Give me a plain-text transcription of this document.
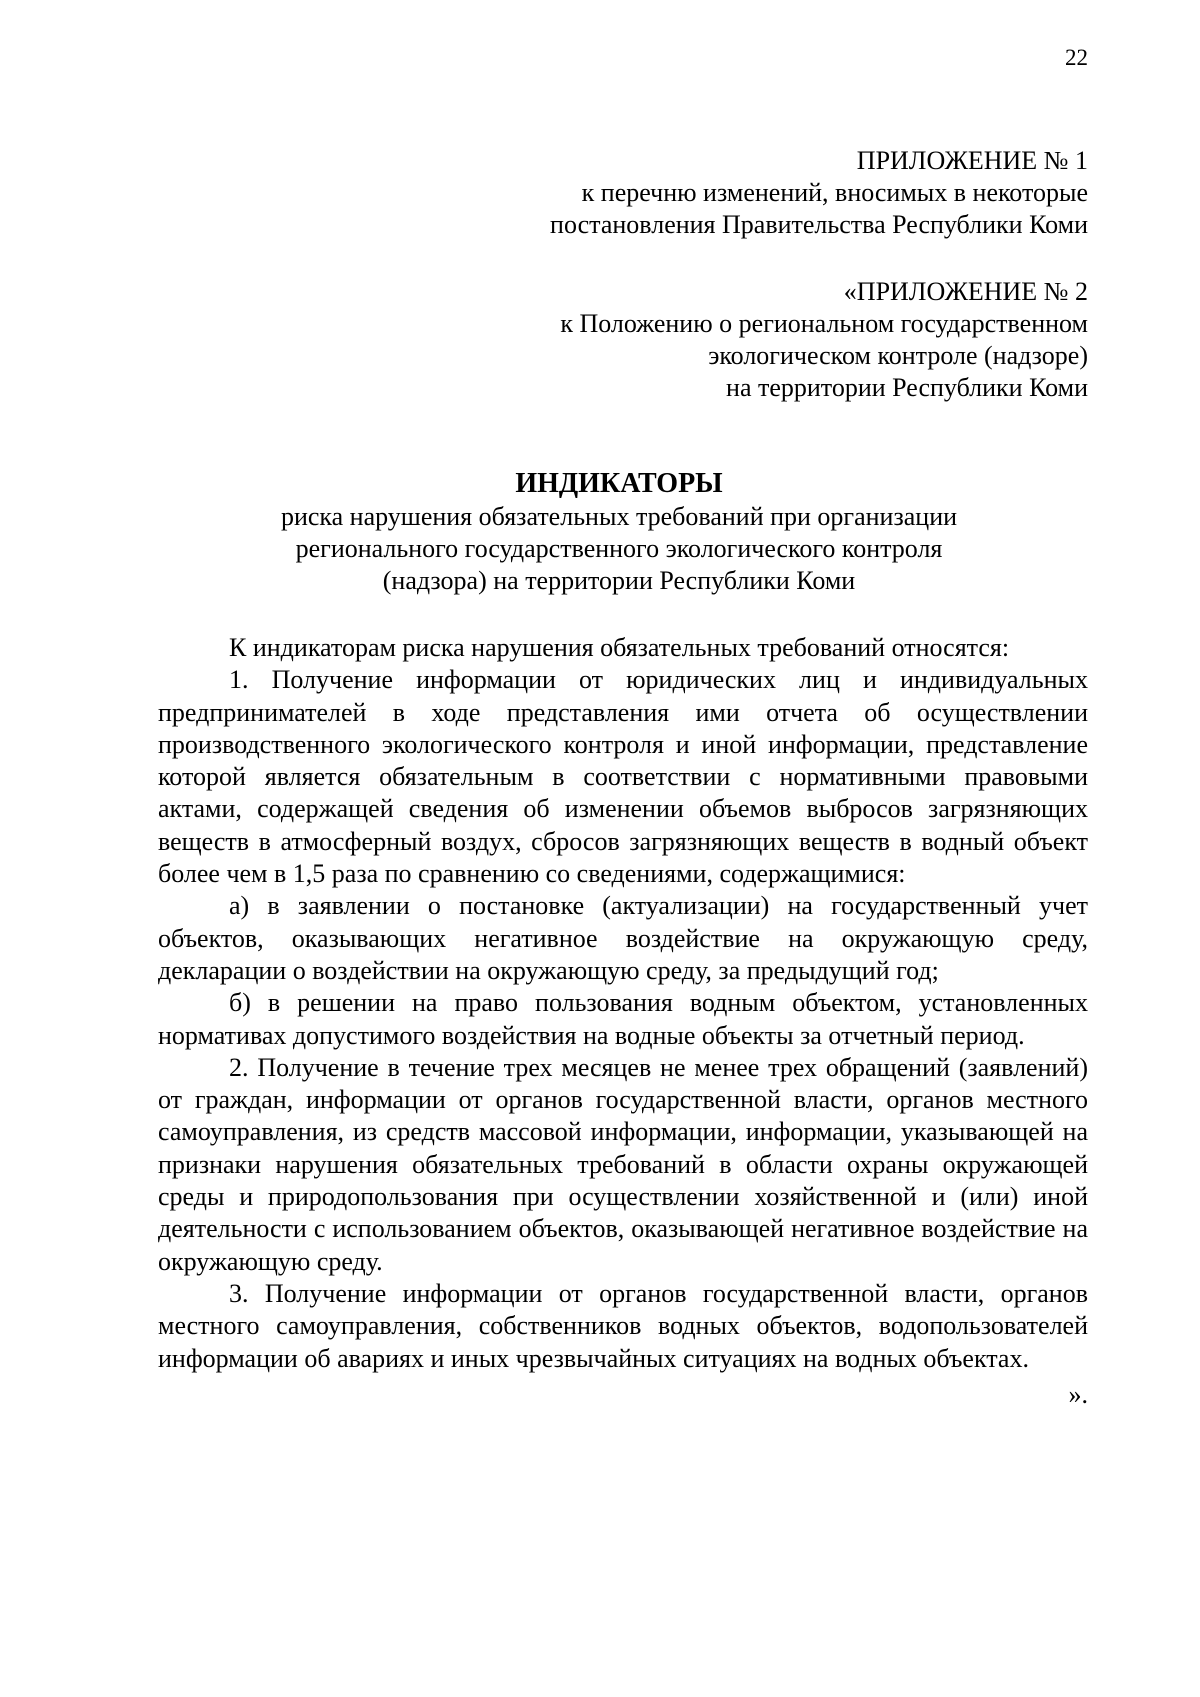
22
ПРИЛОЖЕНИЕ № 1
к перечню изменений, вносимых в некоторые
постановления Правительства Республики Коми
«ПРИЛОЖЕНИЕ № 2
к Положению о региональном государственном
экологическом контроле (надзоре)
на территории Республики Коми
ИНДИКАТОРЫ
риска нарушения обязательных требований при организации
регионального государственного экологического контроля
(надзора) на территории Республики Коми

К индикаторам риска нарушения обязательных требований относятся:

1. Получение информации от юридических лиц и индивидуальных предпринимателей в ходе представления ими отчета об осуществлении производственного экологического контроля и иной информации, представление которой является обязательным в соответствии с нормативными правовыми актами, содержащей сведения об изменении объемов выбросов загрязняющих веществ в атмосферный воздух, сбросов загрязняющих веществ в водный объект более чем в 1,5 раза по сравнению со сведениями, содержащимися:

а) в заявлении о постановке (актуализации) на государственный учет объектов, оказывающих негативное воздействие на окружающую среду, декларации о воздействии на окружающую среду, за предыдущий год;

б) в решении на право пользования водным объектом, установленных нормативах допустимого воздействия на водные объекты за отчетный период.

2. Получение в течение трех месяцев не менее трех обращений (заявлений) от граждан, информации от органов государственной власти, органов местного самоуправления, из средств массовой информации, информации, указывающей на признаки нарушения обязательных требований в области охраны окружающей среды и природопользования при осуществлении хозяйственной и (или) иной деятельности с использованием объектов, оказывающей негативное воздействие на окружающую среду.

3. Получение информации от органов государственной власти, органов местного самоуправления, собственников водных объектов, водопользователей информации об авариях и иных чрезвычайных ситуациях на водных объектах.

».
